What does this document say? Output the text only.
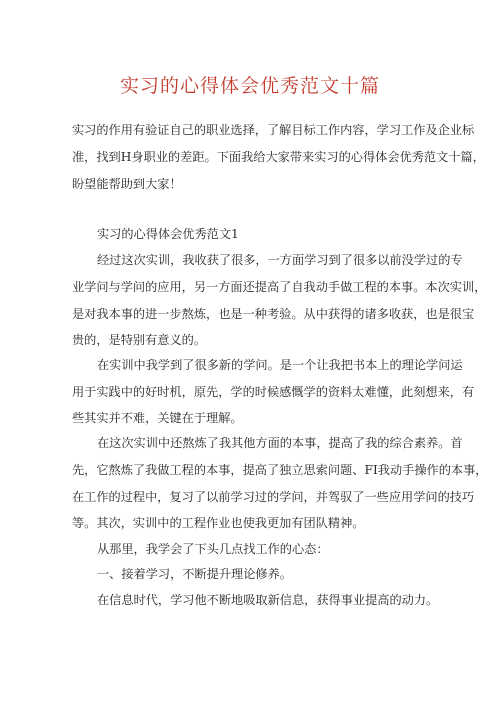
实习的心得体会优秀范文十篇
实习的作用有验证自己的职业选择，了解目标工作内容，学习工作及企业标
准，找到H身职业的差距。下面我给大家带来实习的心得体会优秀范文十篇，
盼望能帮助到大家！
实习的心得体会优秀范文1
经过这次实训，我收获了很多，一方面学习到了很多以前没学过的专
业学问与学问的应用，另一方面还提高了自我动手做工程的本事。本次实训，
是对我本事的进一步熬炼，也是一种考验。从中获得的诸多收获，也是很宝
贵的，是特别有意义的。
在实训中我学到了很多新的学问。是一个让我把书本上的理论学问运
用于实践中的好时机，原先，学的时候感慨学的资料太难懂，此刻想来，有
些其实并不难，关键在于理解。
在这次实训中还熬炼了我其他方面的本事，提高了我的综合素养。首
先，它熬炼了我做工程的本事，提高了独立思索问题、FI我动手操作的本事，
在工作的过程中，复习了以前学习过的学问，并驾驭了一些应用学问的技巧
等。其次，实训中的工程作业也使我更加有团队精神。
从那里，我学会了下头几点找工作的心态：
一、接着学习，不断提升理论修养。
在信息时代，学习他不断地吸取新信息，获得事业提高的动力。
